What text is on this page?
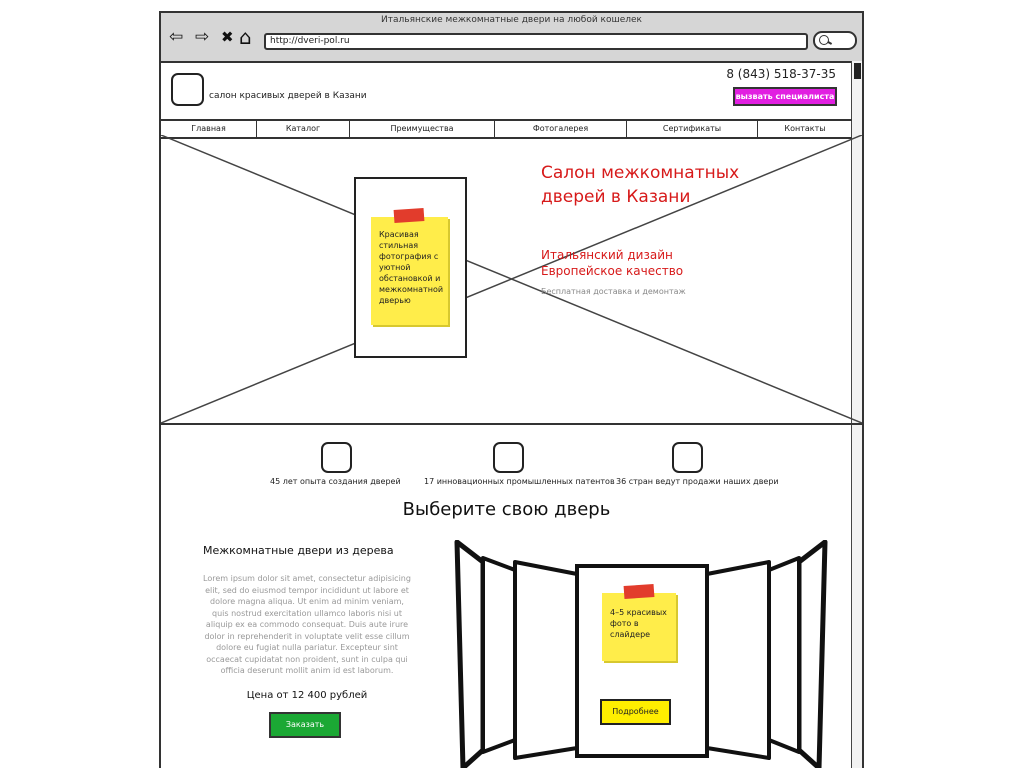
Итальянские межкомнатные двери на любой кошелек
⇦ ⇨ ✖ ⌂ http://dveri-pol.ru
салон красивых дверей в Казани
8 (843) 518-37-35
вызвать специалиста
Главная	Каталог	Преимущества	Фотогалерея	Сертификаты	Контакты
Красивая стильная фотография с уютной обстановкой и межкомнатной дверью
Салон межкомнатных дверей в Казани
Итальянский дизайн
Европейское качество
Бесплатная доставка и демонтаж
45 лет опыта создания дверей	17 инновационных промышленных патентов 36 стран ведут продажи наших двери
Выберите свою дверь
Межкомнатные двери из дерева
Lorem ipsum dolor sit amet, consectetur adipisicing elit, sed do eiusmod tempor incididunt ut labore et dolore magna aliqua. Ut enim ad minim veniam, quis nostrud exercitation ullamco laboris nisi ut aliquip ex ea commodo consequat. Duis aute irure dolor in reprehenderit in voluptate velit esse cillum dolore eu fugiat nulla pariatur. Excepteur sint occaecat cupidatat non proident, sunt in culpa qui officia deserunt mollit anim id est laborum.
Цена от 12 400 рублей
Заказать
4–5 красивых фото в слайдере
Подробнее
